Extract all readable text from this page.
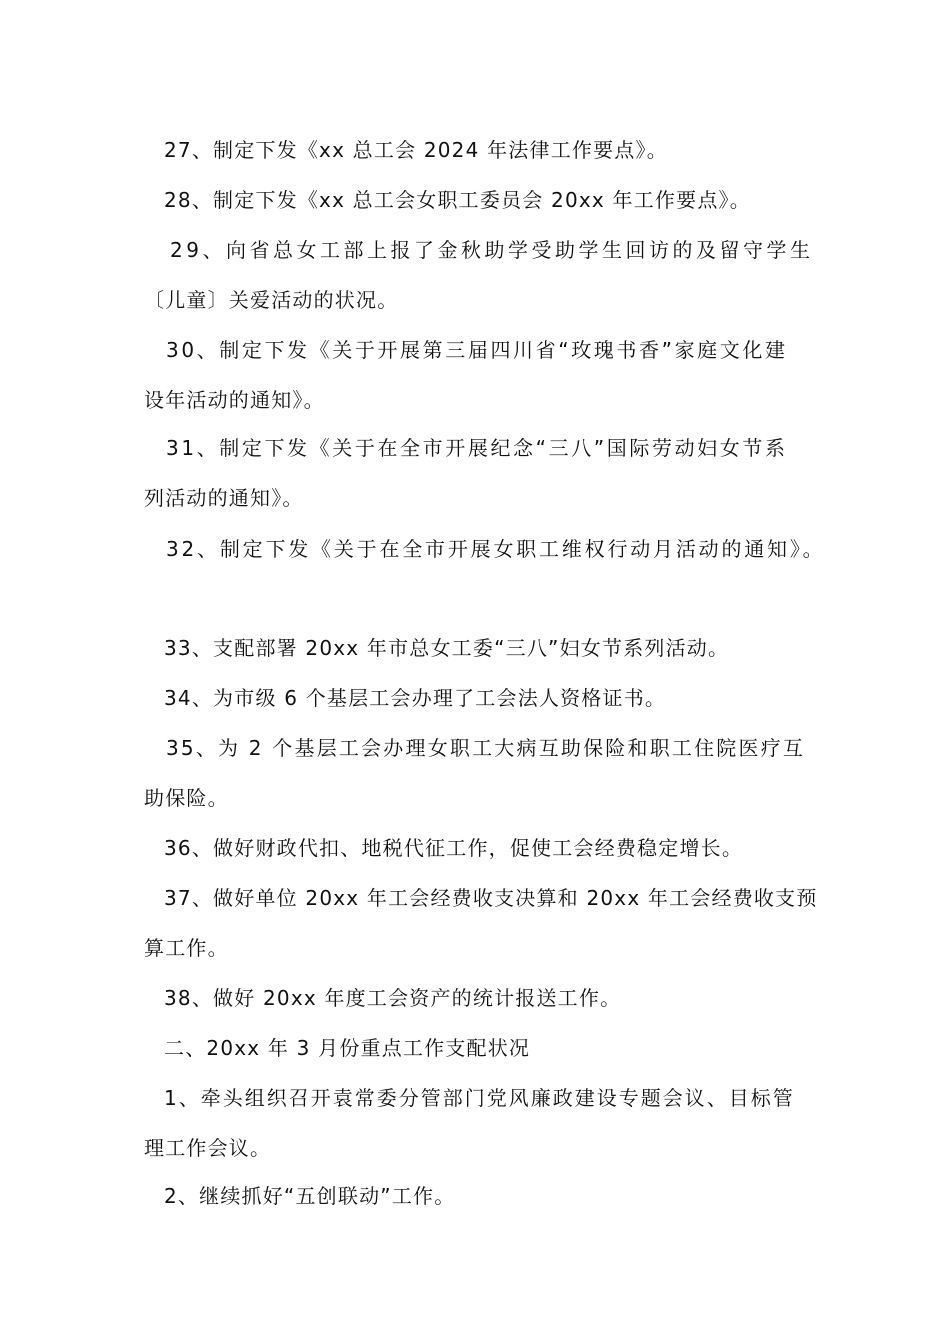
27、制定下发《xx 总工会 2024 年法律工作要点》。
28、制定下发《xx 总工会女职工委员会 20xx 年工作要点》。
29、向省总女工部上报了金秋助学受助学生回访的及留守学生
〔儿童〕关爱活动的状况。
30、制定下发《关于开展第三届四川省“玫瑰书香”家庭文化建
设年活动的通知》。
31、制定下发《关于在全市开展纪念“三八”国际劳动妇女节系
列活动的通知》。
32、制定下发《关于在全市开展女职工维权行动月活动的通知》。
33、支配部署 20xx 年市总女工委“三八”妇女节系列活动。
34、为市级 6 个基层工会办理了工会法人资格证书。
35、为 2 个基层工会办理女职工大病互助保险和职工住院医疗互
助保险。
36、做好财政代扣、地税代征工作，促使工会经费稳定增长。
37、做好单位 20xx 年工会经费收支决算和 20xx 年工会经费收支预
算工作。
38、做好 20xx 年度工会资产的统计报送工作。
二、20xx 年 3 月份重点工作支配状况
1、牵头组织召开袁常委分管部门党风廉政建设专题会议、目标管
理工作会议。
2、继续抓好“五创联动”工作。
